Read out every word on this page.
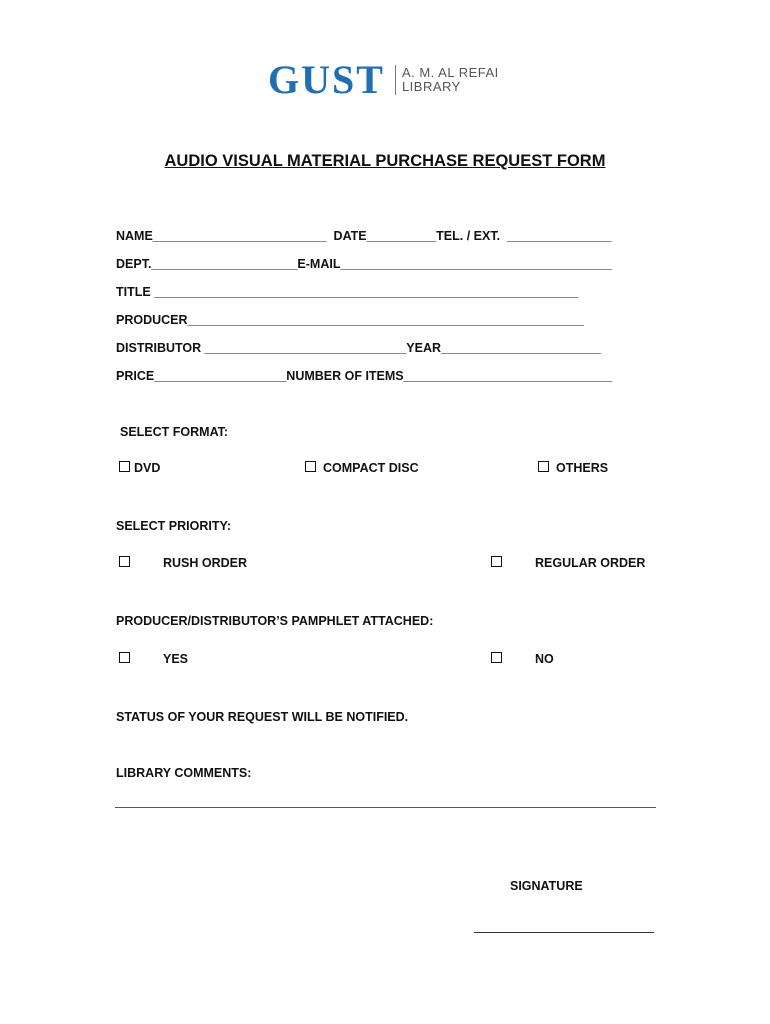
GUST A. M. AL REFAI
LIBRARY
AUDIO VISUAL MATERIAL PURCHASE REQUEST FORM
NAME_________________________  DATE__________TEL. / EXT.  _______________
DEPT._____________________E-MAIL_______________________________________
TITLE _____________________________________________________________
PRODUCER_________________________________________________________
DISTRIBUTOR _____________________________YEAR_______________________
PRICE___________________NUMBER OF ITEMS______________________________
SELECT FORMAT:
DVD	COMPACT DISC	OTHERS
SELECT PRIORITY:
RUSH ORDER	REGULAR ORDER
PRODUCER/DISTRIBUTOR’S PAMPHLET ATTACHED:
YES	NO
STATUS OF YOUR REQUEST WILL BE NOTIFIED.
LIBRARY COMMENTS:
SIGNATURE
